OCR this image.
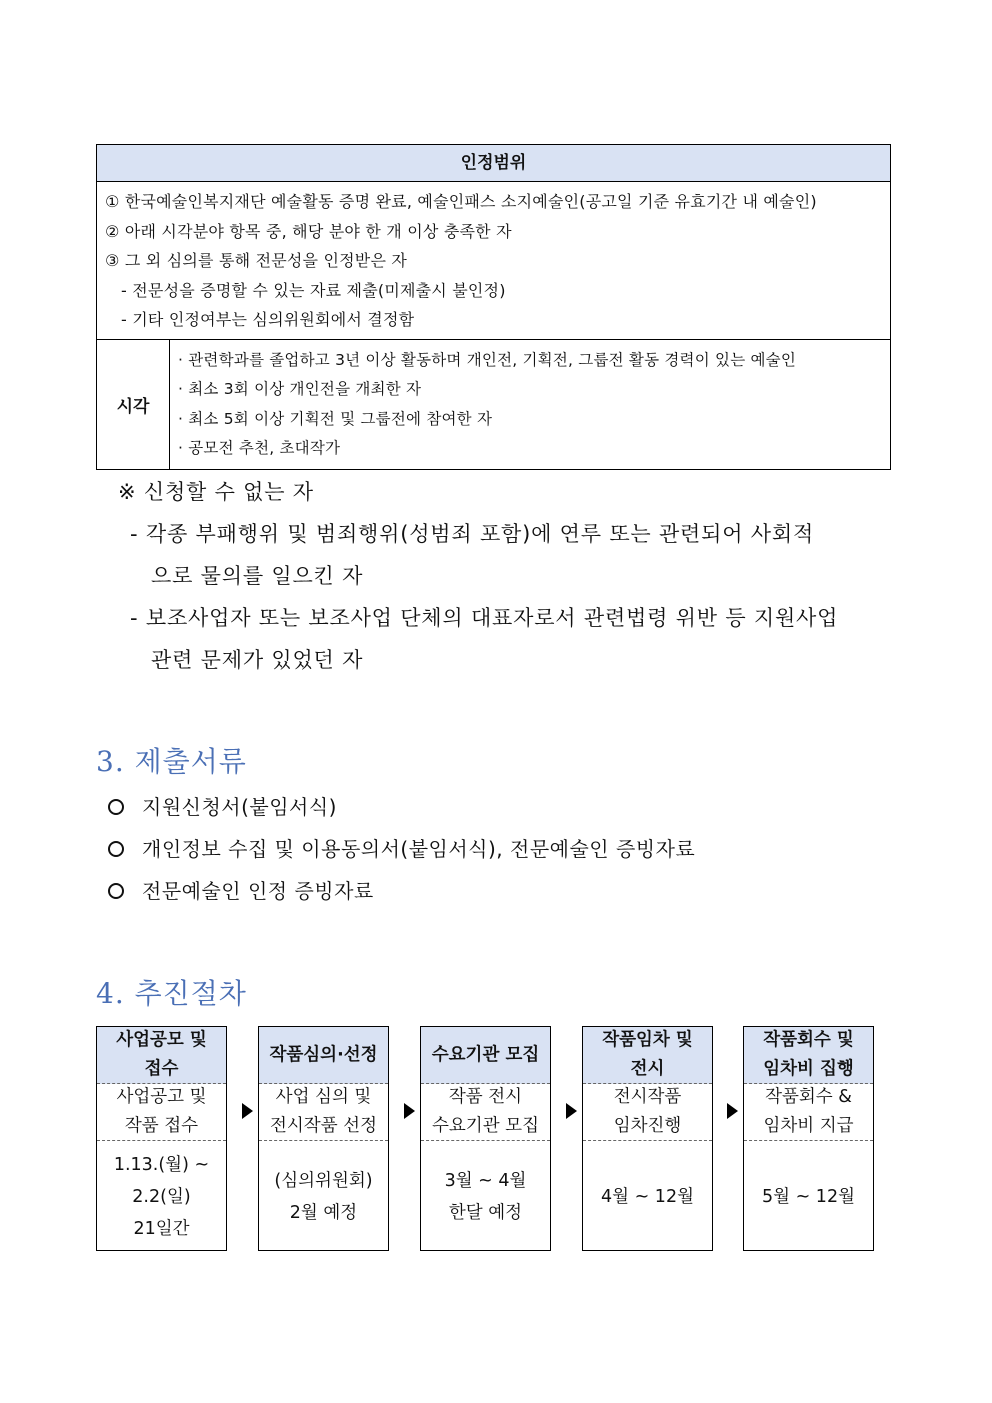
인정범위
① 한국예술인복지재단 예술활동 증명 완료, 예술인패스 소지예술인(공고일 기준 유효기간 내 예술인)
② 아래 시각분야 항목 중, 해당 분야 한 개 이상 충족한 자
③ 그 외 심의를 통해 전문성을 인정받은 자
- 전문성을 증명할 수 있는 자료 제출(미제출시 불인정)
- 기타 인정여부는 심의위원회에서 결정함
시각
· 관련학과를 졸업하고 3년 이상 활동하며 개인전, 기획전, 그룹전 활동 경력이 있는 예술인
· 최소 3회 이상 개인전을 개최한 자
· 최소 5회 이상 기획전 및 그룹전에 참여한 자
· 공모전 추천, 초대작가
※ 신청할 수 없는 자
- 각종 부패행위 및 범죄행위(성범죄 포함)에 연루 또는 관련되어 사회적
으로 물의를 일으킨 자
- 보조사업자 또는 보조사업 단체의 대표자로서 관련법령 위반 등 지원사업
관련 문제가 있었던 자
3. 제출서류
지원신청서(붙임서식)
개인정보 수집 및 이용동의서(붙임서식), 전문예술인 증빙자료
전문예술인 인정 증빙자료
4. 추진절차
사업공모 및
접수
사업공고 및
작품 접수
1.13.(월) ~ 2.2(일)
21일간
작품심의·선정
사업 심의 및
전시작품 선정
(심의위원회)
2월 예정
수요기관 모집
작품 전시
수요기관 모집
3월 ~ 4월
한달 예정
작품임차 및
전시
전시작품
임차진행
4월 ~ 12월
작품회수 및
임차비 집행
작품회수 &
임차비 지급
5월 ~ 12월
